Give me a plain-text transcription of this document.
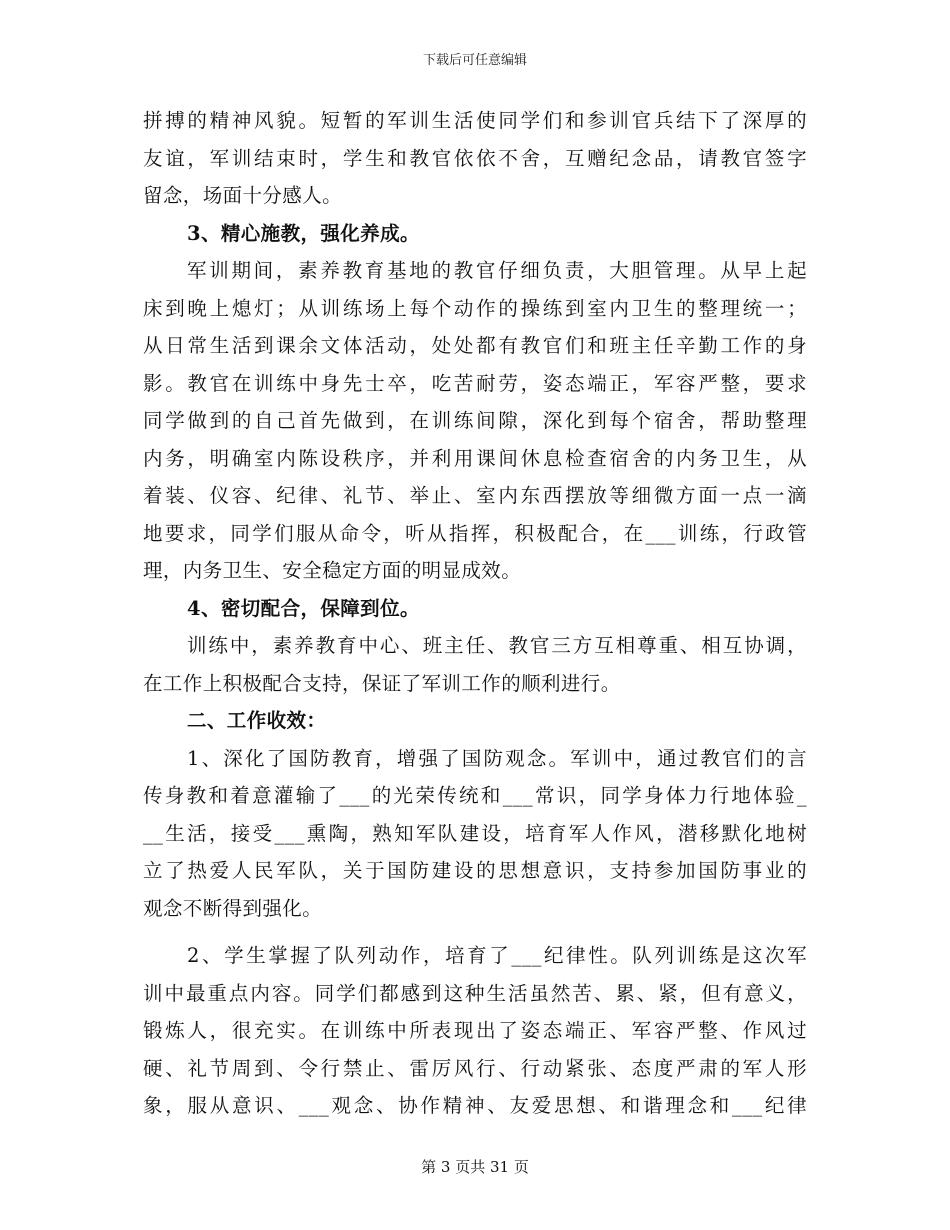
下载后可任意编辑
拼搏的精神风貌。短暂的军训生活使同学们和参训官兵结下了深厚的
友谊，军训结束时，学生和教官依依不舍，互赠纪念品，请教官签字
留念，场面十分感人。
3、精心施教，强化养成。
军训期间，素养教育基地的教官仔细负责，大胆管理。从早上起
床到晚上熄灯；从训练场上每个动作的操练到室内卫生的整理统一；
从日常生活到课余文体活动，处处都有教官们和班主任辛勤工作的身
影。教官在训练中身先士卒，吃苦耐劳，姿态端正，军容严整，要求
同学做到的自己首先做到，在训练间隙，深化到每个宿舍，帮助整理
内务，明确室内陈设秩序，并利用课间休息检查宿舍的内务卫生，从
着装、仪容、纪律、礼节、举止、室内东西摆放等细微方面一点一滴
地要求，同学们服从命令，听从指挥，积极配合，在___训练，行政管
理，内务卫生、安全稳定方面的明显成效。
4、密切配合，保障到位。
训练中，素养教育中心、班主任、教官三方互相尊重、相互协调，
在工作上积极配合支持，保证了军训工作的顺利进行。
二、工作收效：
1、深化了国防教育，增强了国防观念。军训中，通过教官们的言
传身教和着意灌输了___的光荣传统和___常识，同学身体力行地体验_
__生活，接受___熏陶，熟知军队建设，培育军人作风，潜移默化地树
立了热爱人民军队，关于国防建设的思想意识，支持参加国防事业的
观念不断得到强化。
2、学生掌握了队列动作，培育了___纪律性。队列训练是这次军
训中最重点内容。同学们都感到这种生活虽然苦、累、紧，但有意义，
锻炼人，很充实。在训练中所表现出了姿态端正、军容严整、作风过
硬、礼节周到、令行禁止、雷厉风行、行动紧张、态度严肃的军人形
象，服从意识、___观念、协作精神、友爱思想、和谐理念和___纪律
第 3 页共 31 页
